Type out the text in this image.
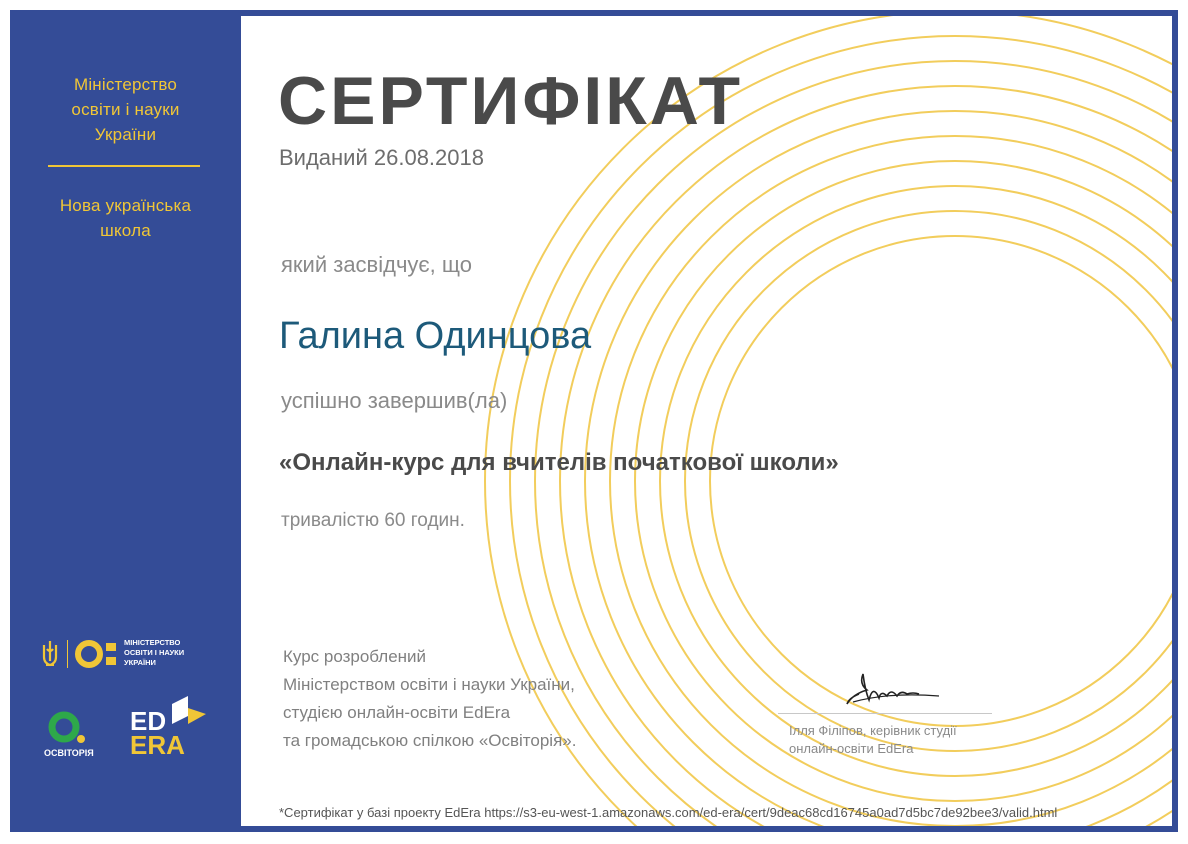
Міністерство
освіти і науки
України
Нова українська
школа
МІНІСТЕРСТВО
ОСВІТИ І НАУКИ
УКРАЇНИ
ОСВІТОРІЯ
ED
ERA
СЕРТИФІКАТ
Виданий 26.08.2018
який засвідчує, що
Галина Одинцова
успішно завершив(ла)
«Онлайн-курс для вчителів початкової школи»
тривалістю 60 годин.
Курс розроблений
Міністерством освіти і науки України,
студією онлайн-освіти EdEra
та громадською спілкою «Освіторія».
Ілля Філіпов, керівник студії
онлайн-освіти EdEra
*Сертифікат у базі проекту EdEra https://s3-eu-west-1.amazonaws.com/ed-era/cert/9deac68cd16745a0ad7d5bc7de92bee3/valid.html
